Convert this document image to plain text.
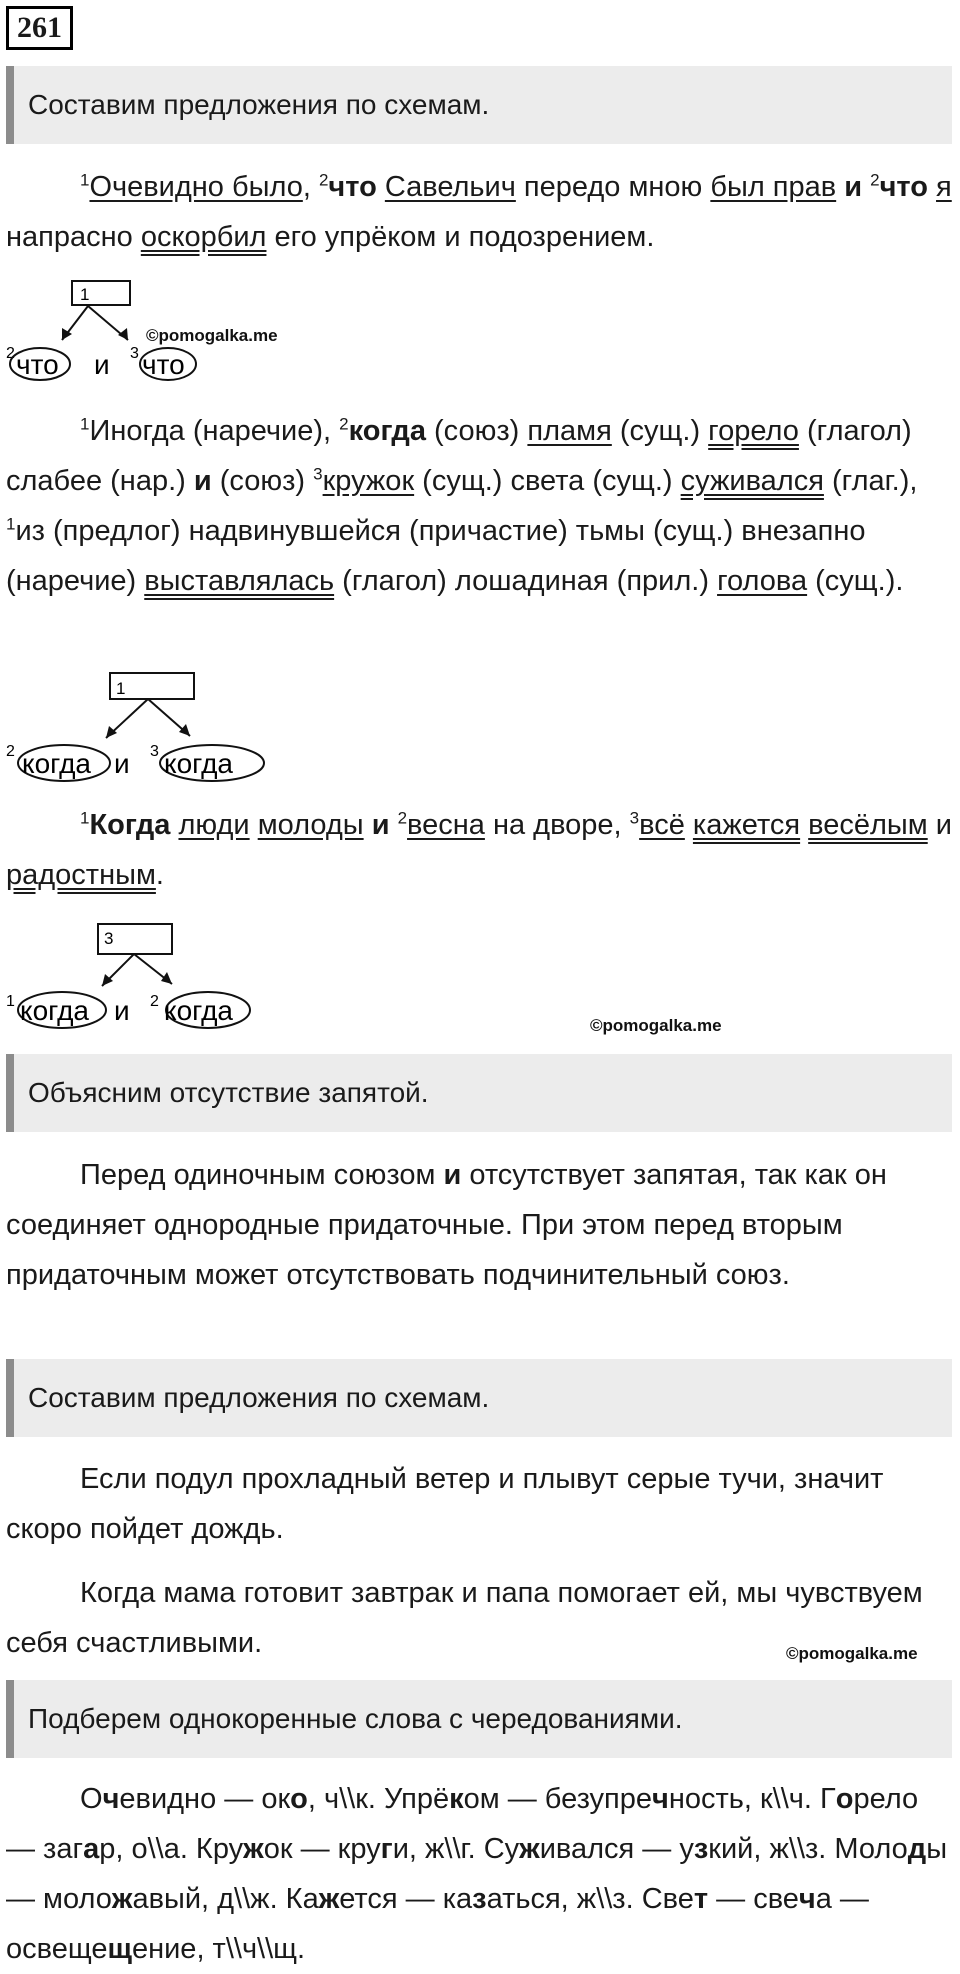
261
Составим предложения по схемам.
$^1$Очевидно было, $^2$что Савельич передо мною был прав и $^2$что я напрасно оскорбил его упрёком и подозрением.
1
2 что и 3 что
©pomogalka.me
$^1$Иногда (наречие), $^2$когда (союз) пламя (сущ.) горело (глагол) слабее (нар.) и (союз) $^3$кружок (сущ.) света (сущ.) суживался (глаг.), $^1$из (предлог) надвинувшейся (причастие) тьмы (сущ.) внезапно (наречие) выставлялась (глагол) лошадиная (прил.) голова (сущ.).
1
2 когда и 3 когда
$^1$Когда люди молоды и $^2$весна на дворе, $^3$всё кажется весёлым и радостным.
3
1 когда и 2 когда	©pomogalka.me
Объясним отсутствие запятой.
Перед одиночным союзом и отсутствует запятая, так как он соединяет однородные придаточные. При этом перед вторым придаточным может отсутствовать подчинительный союз.
Составим предложения по схемам.
Если подул прохладный ветер и плывут серые тучи, значит скоро пойдет дождь.
Когда мама готовит завтрак и папа помогает ей, мы чувствуем себя счастливыми.	©pomogalka.me
Подберем однокоренные слова с чередованиями.
Очевидно — око, ч\\к. Упрёком — безупречность, к\\ч. Горело — загар, о\\а. Кружок — круги, ж\\г. Суживался — узкий, ж\\з. Молоды — моложавый, д\\ж. Кажется — казаться, ж\\з. Свет — свеча — освещещение, т\\ч\\щ.
